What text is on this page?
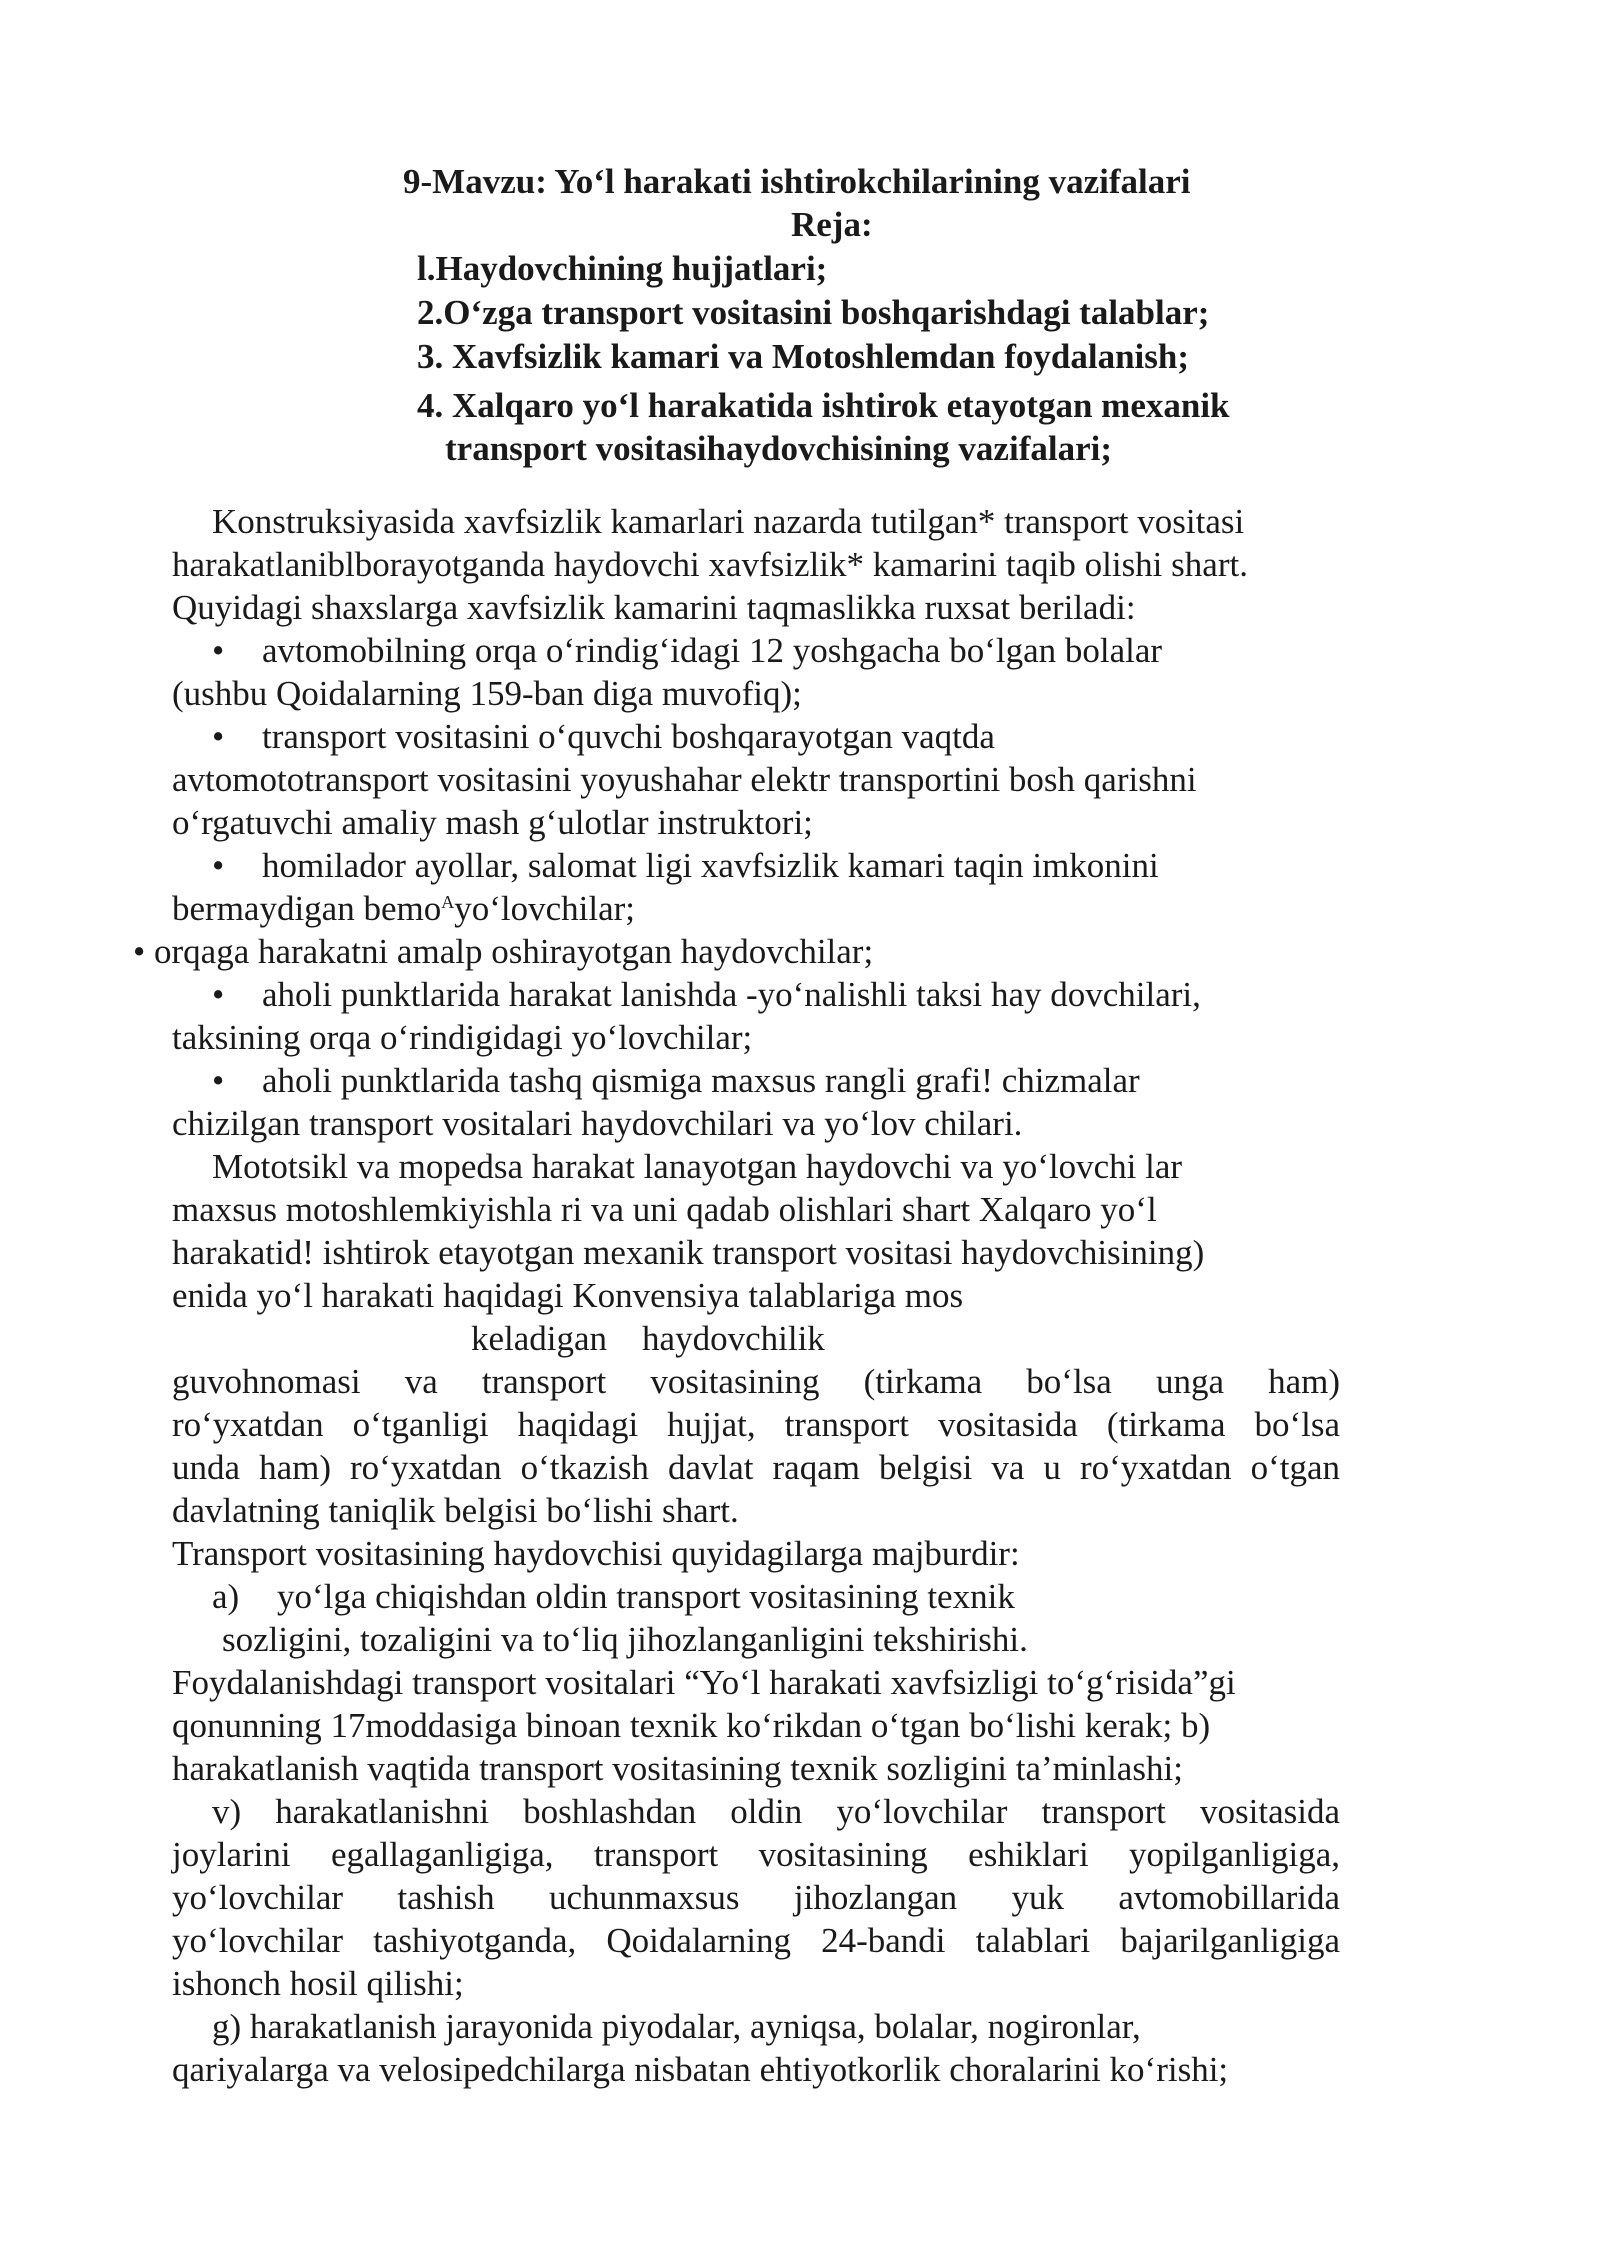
9-Mavzu: Yo‘l harakati ishtirokchilarining vazifalari
Reja:
l.Haydovchining hujjatlari;
2.O‘zga transport vositasini boshqarishdagi talablar;
3. Xavfsizlik kamari va Motoshlemdan foydalanish;
4. Xalqaro yo‘l harakatida ishtirok etayotgan mexanik
transport vositasihaydovchisining vazifalari;
Konstruksiyasida xavfsizlik kamarlari nazarda tutilgan* transport vositasi
harakatlaniblborayotganda haydovchi xavfsizlik* kamarini taqib olishi shart.
Quyidagi shaxslarga xavfsizlik kamarini taqmaslikka ruxsat beriladi:
• avtomobilning orqa o‘rindig‘idagi 12 yoshgacha bo‘lgan bolalar
(ushbu Qoidalarning 159-ban diga muvofiq);
• transport vositasini o‘quvchi boshqarayotgan vaqtda
avtomototransport vositasini yoyushahar elektr transportini bosh qarishni
o‘rgatuvchi amaliy mash g‘ulotlar instruktori;
• homilador ayollar, salomat ligi xavfsizlik kamari taqin imkonini
bermaydigan bemo$^A$yo‘lovchilar;
• orqaga harakatni amalp oshirayotgan haydovchilar;
• aholi punktlarida harakat lanishda -yo‘nalishli taksi hay dovchilari,
taksining orqa o‘rindigidagi yo‘lovchilar;
• aholi punktlarida tashq qismiga maxsus rangli grafi! chizmalar
chizilgan transport vositalari haydovchilari va yo‘lov chilari.
Mototsikl va mopedsa harakat lanayotgan haydovchi va yo‘lovchi lar
maxsus motoshlemkiyishla ri va uni qadab olishlari shart Xalqaro yo‘l
harakatid! ishtirok etayotgan mexanik transport vositasi haydovchisining)
enida yo‘l harakati haqidagi Konvensiya talablariga mos
keladigan    haydovchilik
guvohnomasi va transport vositasining (tirkama bo‘lsa unga ham)
ro‘yxatdan o‘tganligi haqidagi hujjat, transport vositasida (tirkama bo‘lsa
unda ham) ro‘yxatdan o‘tkazish davlat raqam belgisi va u ro‘yxatdan o‘tgan
davlatning taniqlik belgisi bo‘lishi shart.
Transport vositasining haydovchisi quyidagilarga majburdir:
a) yo‘lga chiqishdan oldin transport vositasining texnik
sozligini, tozaligini va to‘liq jihozlanganligini tekshirishi.
Foydalanishdagi transport vositalari “Yo‘l harakati xavfsizligi to‘g‘risida”gi
qonunning 17moddasiga binoan texnik ko‘rikdan o‘tgan bo‘lishi kerak; b)
harakatlanish vaqtida transport vositasining texnik sozligini ta’minlashi;
v) harakatlanishni boshlashdan oldin yo‘lovchilar transport vositasida
joylarini egallaganligiga, transport vositasining eshiklari yopilganligiga,
yo‘lovchilar tashish uchunmaxsus jihozlangan yuk avtomobillarida
yo‘lovchilar tashiyotganda, Qoidalarning 24-bandi talablari bajarilganligiga
ishonch hosil qilishi;
g) harakatlanish jarayonida piyodalar, ayniqsa, bolalar, nogironlar,
qariyalarga va velosipedchilarga nisbatan ehtiyotkorlik choralarini ko‘rishi;
